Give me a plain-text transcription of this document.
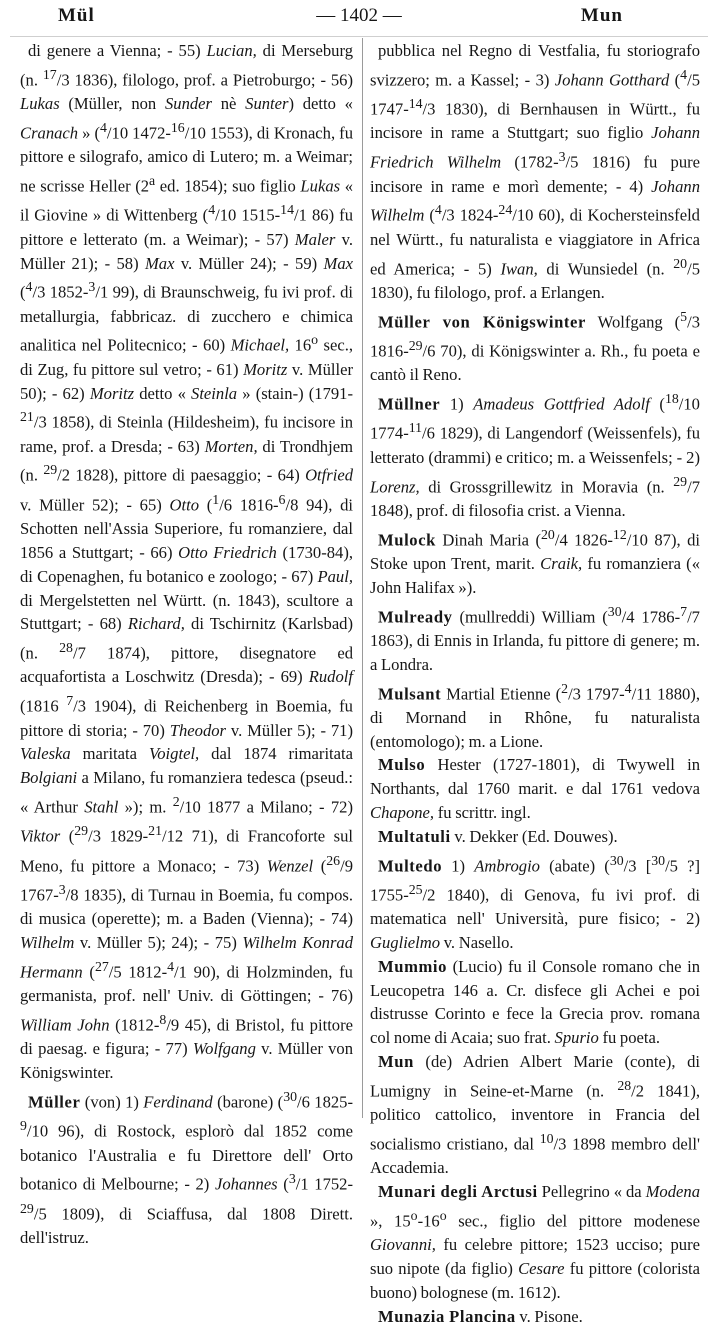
Mül	— 1402 —	Mun

di genere a Vienna; - 55) Lucian, di Merseburg (n. $^{17}$/3 1836), filologo, prof. a Pietroburgo; - 56) Lukas (Müller, non Sunder nè Sunter) detto « Cranach » ($^4$/10 1472-$^{16}$/10 1553), di Kronach, fu pittore e silografo, amico di Lutero; m. a Weimar; ne scrisse Heller (2$^a$ ed. 1854); suo figlio Lukas « il Giovine » di Wittenberg ($^4$/10 1515-$^{14}$/1 86) fu pittore e letterato (m. a Weimar); - 57) Maler v. Müller 21); - 58) Max v. Müller 24); - 59) Max ($^4$/3 1852-$^3$/1 99), di Braunschweig, fu ivi prof. di metallurgia, fabbricaz. di zucchero e chimica analitica nel Politecnico; - 60) Michael, 16$^o$ sec., di Zug, fu pittore sul vetro; - 61) Moritz v. Müller 50); - 62) Moritz detto « Steinla » (stain-) (1791-$^{21}$/3 1858), di Steinla (Hildesheim), fu incisore in rame, prof. a Dresda; - 63) Morten, di Trondhjem (n. $^{29}$/2 1828), pittore di paesaggio; - 64) Otfried v. Müller 52); - 65) Otto ($^1$/6 1816-$^6$/8 94), di Schotten nell'Assia Superiore, fu romanziere, dal 1856 a Stuttgart; - 66) Otto Friedrich (1730-84), di Copenaghen, fu botanico e zoologo; - 67) Paul, di Mergelstetten nel Württ. (n. 1843), scultore a Stuttgart; - 68) Richard, di Tschirnitz (Karlsbad) (n. $^{28}$/7 1874), pittore, disegnatore ed acquafortista a Loschwitz (Dresda); - 69) Rudolf (1816 $^7$/3 1904), di Reichenberg in Boemia, fu pittore di storia; - 70) Theodor v. Müller 5); - 71) Valeska maritata Voigtel, dal 1874 rimaritata Bolgiani a Milano, fu romanziera tedesca (pseud.: « Arthur Stahl »); m. $^2$/10 1877 a Milano; - 72) Viktor ($^{29}$/3 1829-$^{21}$/12 71), di Francoforte sul Meno, fu pittore a Monaco; - 73) Wenzel ($^{26}$/9 1767-$^3$/8 1835), di Turnau in Boemia, fu compos. di musica (operette); m. a Baden (Vienna); - 74) Wilhelm v. Müller 5); 24); - 75) Wilhelm Konrad Hermann ($^{27}$/5 1812-$^4$/1 90), di Holzminden, fu germanista, prof. nell' Univ. di Göttingen; - 76) William John (1812-$^8$/9 45), di Bristol, fu pittore di paesag. e figura; - 77) Wolfgang v. Müller von Königswinter.

Müller (von) 1) Ferdinand (barone) ($^{30}$/6 1825-$^9$/10 96), di Rostock, esplorò dal 1852 come botanico l'Australia e fu Direttore dell' Orto botanico di Melbourne; - 2) Johannes ($^3$/1 1752-$^{29}$/5 1809), di Sciaffusa, dal 1808 Dirett. dell'istruz.

pubblica nel Regno di Vestfalia, fu storiografo svizzero; m. a Kassel; - 3) Johann Gotthard ($^4$/5 1747-$^{14}$/3 1830), di Bernhausen in Württ., fu incisore in rame a Stuttgart; suo figlio Johann Friedrich Wilhelm (1782-$^3$/5 1816) fu pure incisore in rame e morì demente; - 4) Johann Wilhelm ($^4$/3 1824-$^{24}$/10 60), di Kochersteinsfeld nel Württ., fu naturalista e viaggiatore in Africa ed America; - 5) Iwan, di Wunsiedel (n. $^{20}$/5 1830), fu filologo, prof. a Erlangen.

Müller von Königswinter Wolfgang ($^5$/3 1816-$^{29}$/6 70), di Königswinter a. Rh., fu poeta e cantò il Reno.

Müllner 1) Amadeus Gottfried Adolf ($^{18}$/10 1774-$^{11}$/6 1829), di Langendorf (Weissenfels), fu letterato (drammi) e critico; m. a Weissenfels; - 2) Lorenz, di Grossgrillewitz in Moravia (n. $^{29}$/7 1848), prof. di filosofia crist. a Vienna.

Mulock Dinah Maria ($^{20}$/4 1826-$^{12}$/10 87), di Stoke upon Trent, marit. Craik, fu romanziera (« John Halifax »).

Mulready (mullreddi) William ($^{30}$/4 1786-$^7$/7 1863), di Ennis in Irlanda, fu pittore di genere; m. a Londra.

Mulsant Martial Etienne ($^2$/3 1797-$^4$/11 1880), di Mornand in Rhône, fu naturalista (entomologo); m. a Lione.

Mulso Hester (1727-1801), di Twywell in Northants, dal 1760 marit. e dal 1761 vedova Chapone, fu scrittr. ingl.

Multatuli v. Dekker (Ed. Douwes).

Multedo 1) Ambrogio (abate) ($^{30}$/3 [$^{30}$/5 ?] 1755-$^{25}$/2 1840), di Genova, fu ivi prof. di matematica nell' Università, pure fisico; - 2) Guglielmo v. Nasello.

Mummio (Lucio) fu il Console romano che in Leucopetra 146 a. Cr. disfece gli Achei e poi distrusse Corinto e fece la Grecia prov. romana col nome di Acaia; suo frat. Spurio fu poeta.

Mun (de) Adrien Albert Marie (conte), di Lumigny in Seine-et-Marne (n. $^{28}$/2 1841), politico cattolico, inventore in Francia del socialismo cristiano, dal $^{10}$/3 1898 membro dell' Accademia.

Munari degli Arctusi Pellegrino « da Modena », 15$^o$-16$^o$ sec., figlio del pittore modenese Giovanni, fu celebre pittore; 1523 ucciso; pure suo nipote (da figlio) Cesare fu pittore (colorista buono) bolognese (m. 1612).

Munazia Plancina v. Pisone.
